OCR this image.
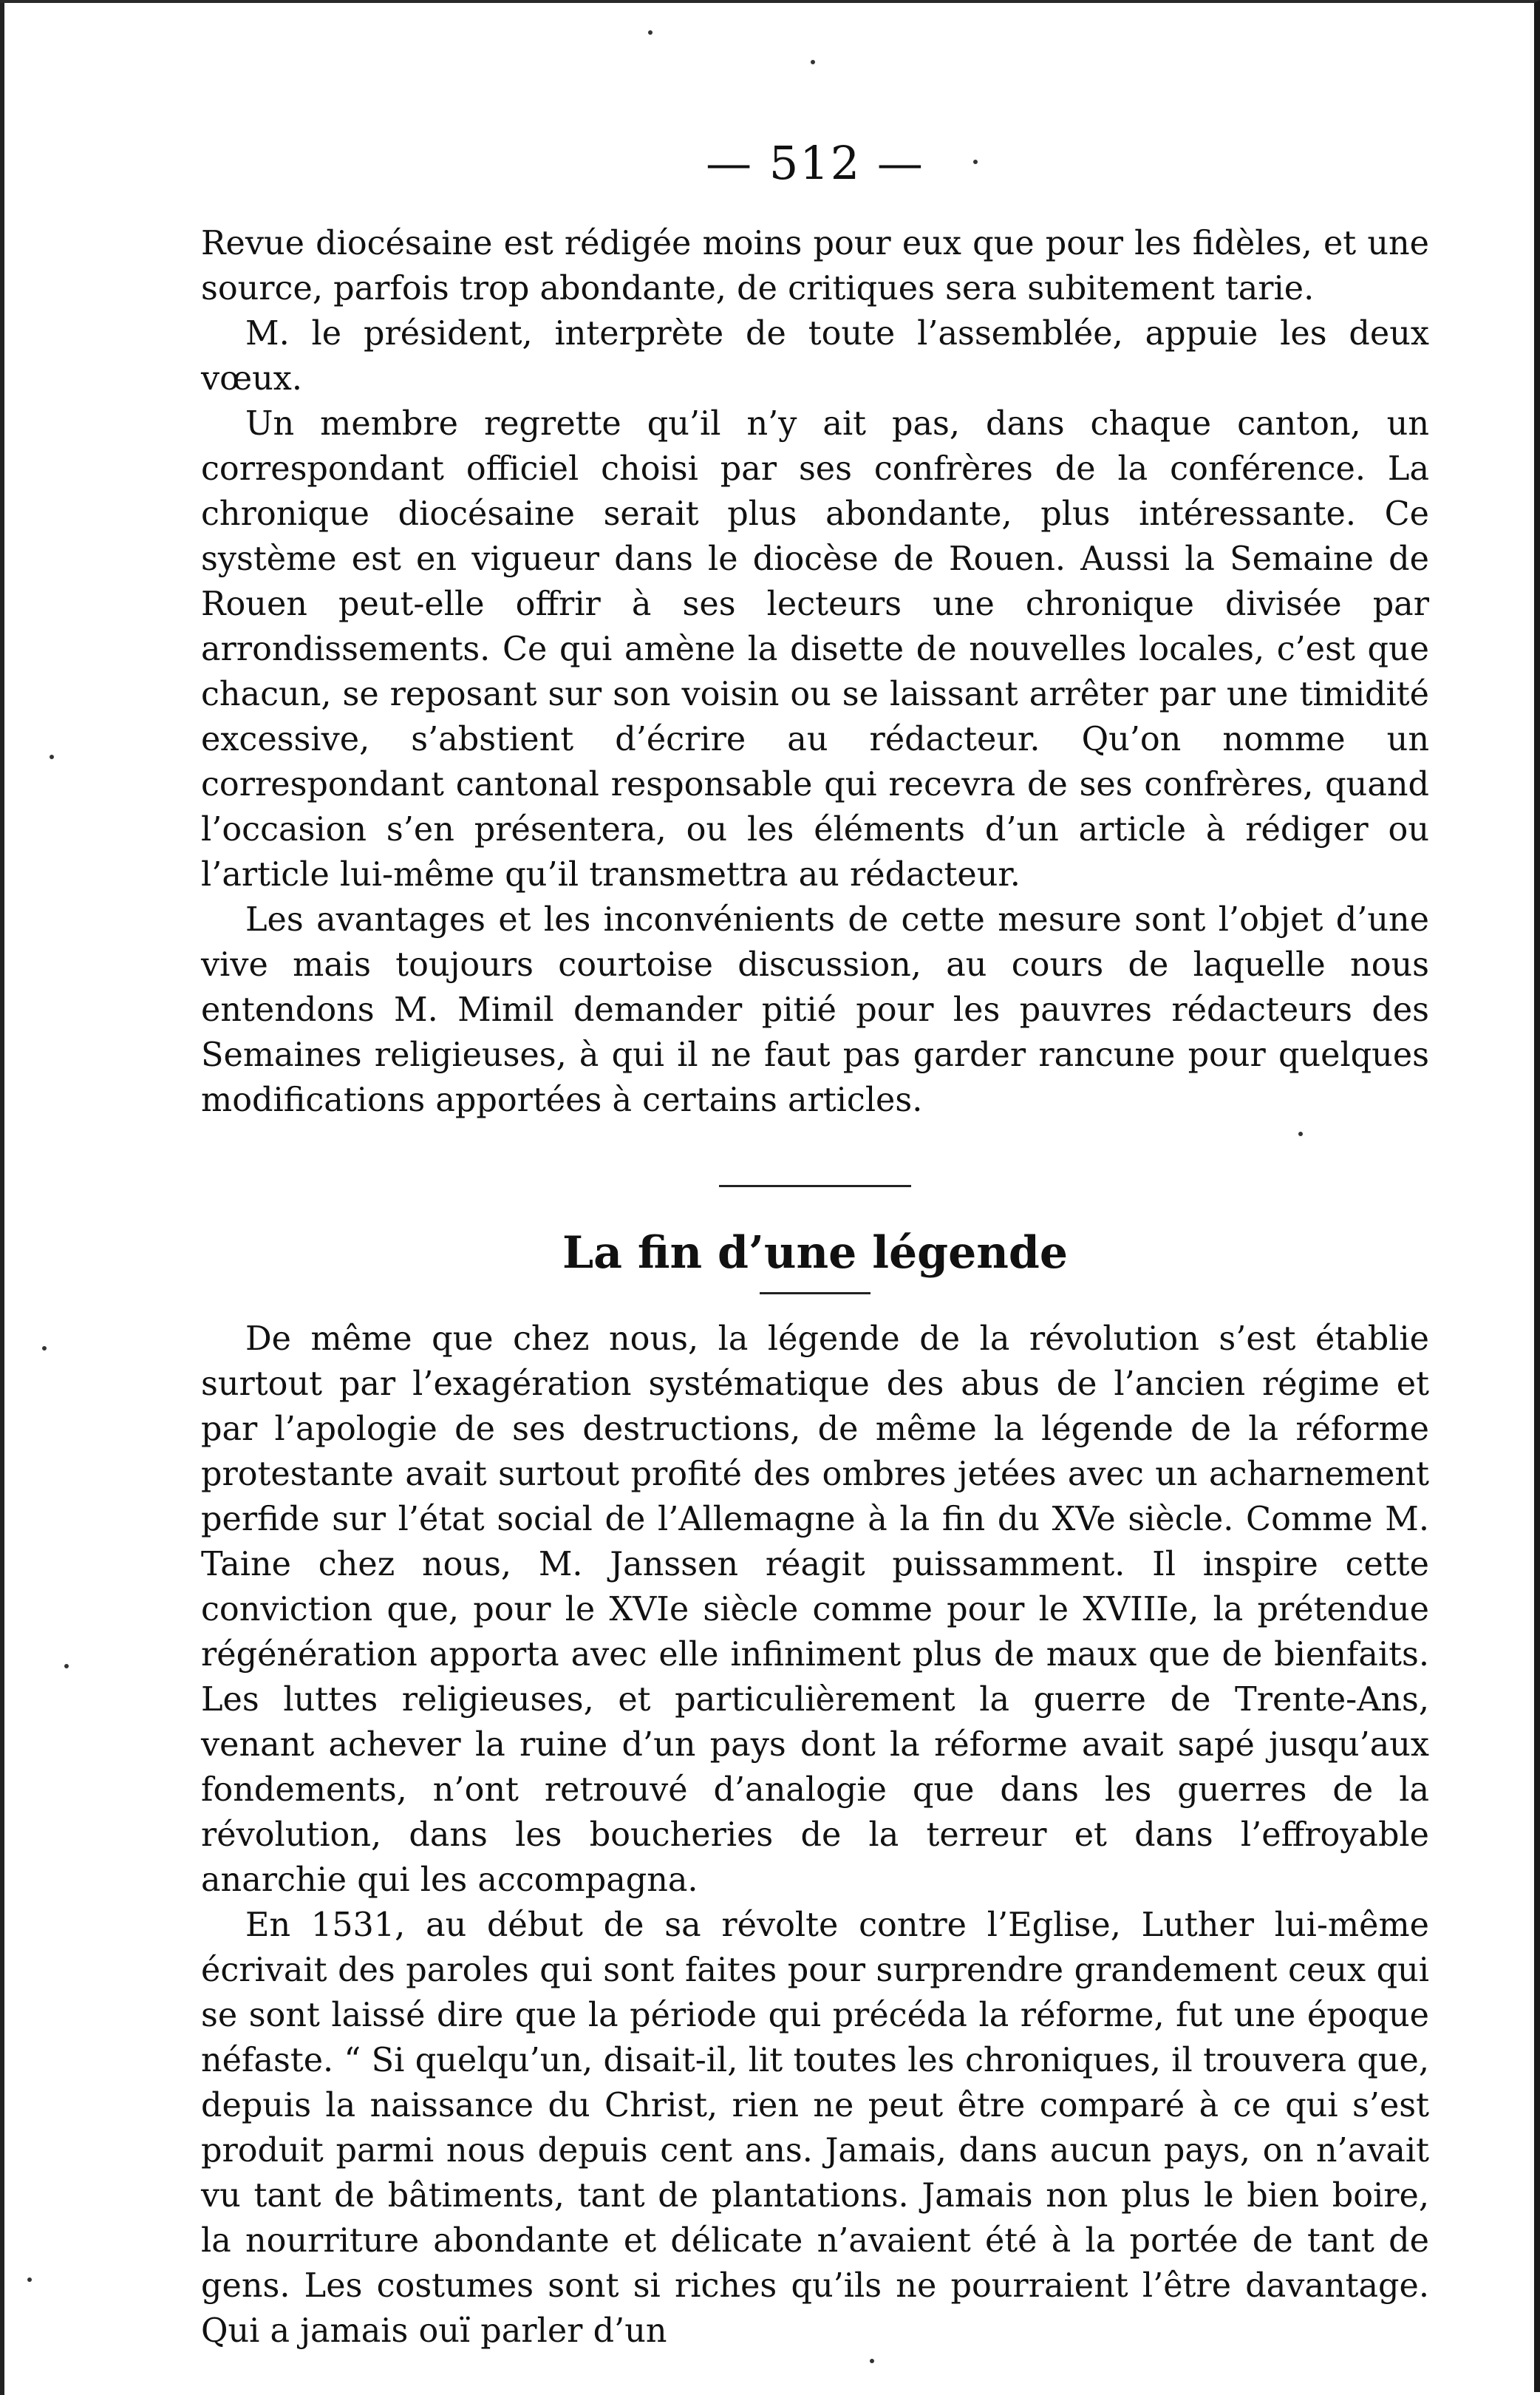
— 512 —

Revue diocésaine est rédigée moins pour eux que pour les fidèles, et une source, parfois trop abondante, de critiques sera subitement tarie.

M. le président, interprète de toute l’assemblée, appuie les deux vœux.

Un membre regrette qu’il n’y ait pas, dans chaque canton, un correspondant officiel choisi par ses confrères de la conférence. La chronique diocésaine serait plus abondante, plus intéressante. Ce système est en vigueur dans le diocèse de Rouen. Aussi la Semaine de Rouen peut-elle offrir à ses lecteurs une chronique divisée par arrondissements. Ce qui amène la disette de nouvelles locales, c’est que chacun, se reposant sur son voisin ou se laissant arrêter par une timidité excessive, s’abstient d’écrire au rédacteur. Qu’on nomme un correspondant cantonal responsable qui recevra de ses confrères, quand l’occasion s’en présentera, ou les éléments d’un article à rédiger ou l’article lui-même qu’il transmettra au rédacteur.

Les avantages et les inconvénients de cette mesure sont l’objet d’une vive mais toujours courtoise discussion, au cours de laquelle nous entendons M. Mimil demander pitié pour les pauvres rédacteurs des Semaines religieuses, à qui il ne faut pas garder rancune pour quelques modifications apportées à certains articles.

La fin d’une légende

De même que chez nous, la légende de la révolution s’est établie surtout par l’exagération systématique des abus de l’ancien régime et par l’apologie de ses destructions, de même la légende de la réforme protestante avait surtout profité des ombres jetées avec un acharnement perfide sur l’état social de l’Allemagne à la fin du XVe siècle. Comme M. Taine chez nous, M. Janssen réagit puissamment. Il inspire cette conviction que, pour le XVIe siècle comme pour le XVIIIe, la prétendue régénération apporta avec elle infiniment plus de maux que de bienfaits. Les luttes religieuses, et particulièrement la guerre de Trente-Ans, venant achever la ruine d’un pays dont la réforme avait sapé jusqu’aux fondements, n’ont retrouvé d’analogie que dans les guerres de la révolution, dans les boucheries de la terreur et dans l’effroyable anarchie qui les accompagna.

En 1531, au début de sa révolte contre l’Eglise, Luther lui-même écrivait des paroles qui sont faites pour surprendre grandement ceux qui se sont laissé dire que la période qui précéda la réforme, fut une époque néfaste. “ Si quelqu’un, disait-il, lit toutes les chroniques, il trouvera que, depuis la naissance du Christ, rien ne peut être comparé à ce qui s’est produit parmi nous depuis cent ans. Jamais, dans aucun pays, on n’avait vu tant de bâtiments, tant de plantations. Jamais non plus le bien boire, la nourriture abondante et délicate n’avaient été à la portée de tant de gens. Les costumes sont si riches qu’ils ne pourraient l’être davantage. Qui a jamais ouï parler d’un
